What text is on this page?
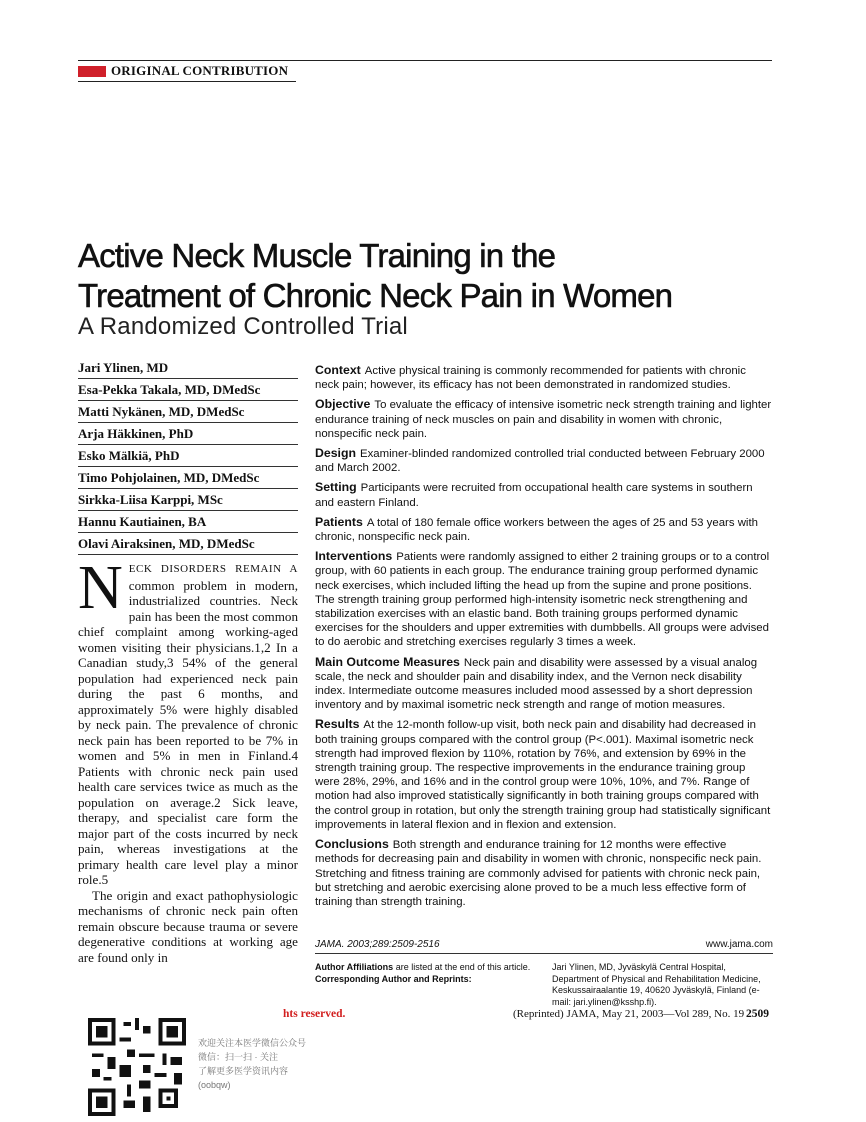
ORIGINAL CONTRIBUTION
Active Neck Muscle Training in the
Treatment of Chronic Neck Pain in Women
A Randomized Controlled Trial
Jari Ylinen, MD
Esa-Pekka Takala, MD, DMedSc
Matti Nykänen, MD, DMedSc
Arja Häkkinen, PhD
Esko Mälkiä, PhD
Timo Pohjolainen, MD, DMedSc
Sirkka-Liisa Karppi, MSc
Hannu Kautiainen, BA
Olavi Airaksinen, MD, DMedSc
Context Active physical training is commonly recommended for patients with chronic neck pain; however, its efficacy has not been demonstrated in randomized studies.
Objective To evaluate the efficacy of intensive isometric neck strength training and lighter endurance training of neck muscles on pain and disability in women with chronic, nonspecific neck pain.
Design Examiner-blinded randomized controlled trial conducted between February 2000 and March 2002.
Setting Participants were recruited from occupational health care systems in southern and eastern Finland.
Patients A total of 180 female office workers between the ages of 25 and 53 years with chronic, nonspecific neck pain.
Interventions Patients were randomly assigned to either 2 training groups or to a control group, with 60 patients in each group. The endurance training group performed dynamic neck exercises, which included lifting the head up from the supine and prone positions. The strength training group performed high-intensity isometric neck strengthening and stabilization exercises with an elastic band. Both training groups performed dynamic exercises for the shoulders and upper extremities with dumbbells. All groups were advised to do aerobic and stretching exercises regularly 3 times a week.
Main Outcome Measures Neck pain and disability were assessed by a visual analog scale, the neck and shoulder pain and disability index, and the Vernon neck disability index. Intermediate outcome measures included mood assessed by a short depression inventory and by maximal isometric neck strength and range of motion measures.
Results At the 12-month follow-up visit, both neck pain and disability had decreased in both training groups compared with the control group (P<.001). Maximal isometric neck strength had improved flexion by 110%, rotation by 76%, and extension by 69% in the strength training group. The respective improvements in the endurance training group were 28%, 29%, and 16% and in the control group were 10%, 10%, and 7%. Range of motion had also improved statistically significantly in both training groups compared with the control group in rotation, but only the strength training group had statistically significant improvements in lateral flexion and in flexion and extension.
Conclusions Both strength and endurance training for 12 months were effective methods for decreasing pain and disability in women with chronic, nonspecific neck pain. Stretching and fitness training are commonly advised for patients with chronic neck pain, but stretching and aerobic exercising alone proved to be a much less effective form of training than strength training.
JAMA. 2003;289:2509-2516	www.jama.com
Author Affiliations are listed at the end of this article.
Corresponding Author and Reprints:
Jari Ylinen, MD, Jyväskylä Central Hospital, Department of Physical and Rehabilitation Medicine, Keskussairaalantie 19, 40620 Jyväskylä, Finland (e-mail: jari.ylinen@ksshp.fi).

NECK DISORDERS REMAIN A common problem in modern, industrialized countries. Neck pain has been the most common chief complaint among working-aged women visiting their physicians.1,2 In a Canadian study,3 54% of the general population had experienced neck pain during the past 6 months, and approximately 5% were highly disabled by neck pain. The prevalence of chronic neck pain has been reported to be 7% in women and 5% in men in Finland.4 Patients with chronic neck pain used health care services twice as much as the population on average.2 Sick leave, therapy, and specialist care form the major part of the costs incurred by neck pain, whereas investigations at the primary health care level play a minor role.5

The origin and exact pathophysiologic mechanisms of chronic neck pain often remain obscure because trauma or severe degenerative conditions at working age are found only in

hts reserved.	(Reprinted) JAMA, May 21, 2003—Vol 289, No. 19 2509
欢迎关注本医学微信公众号
微信：扫一扫 · 关注
了解更多医学资讯内容
(oobqw)
